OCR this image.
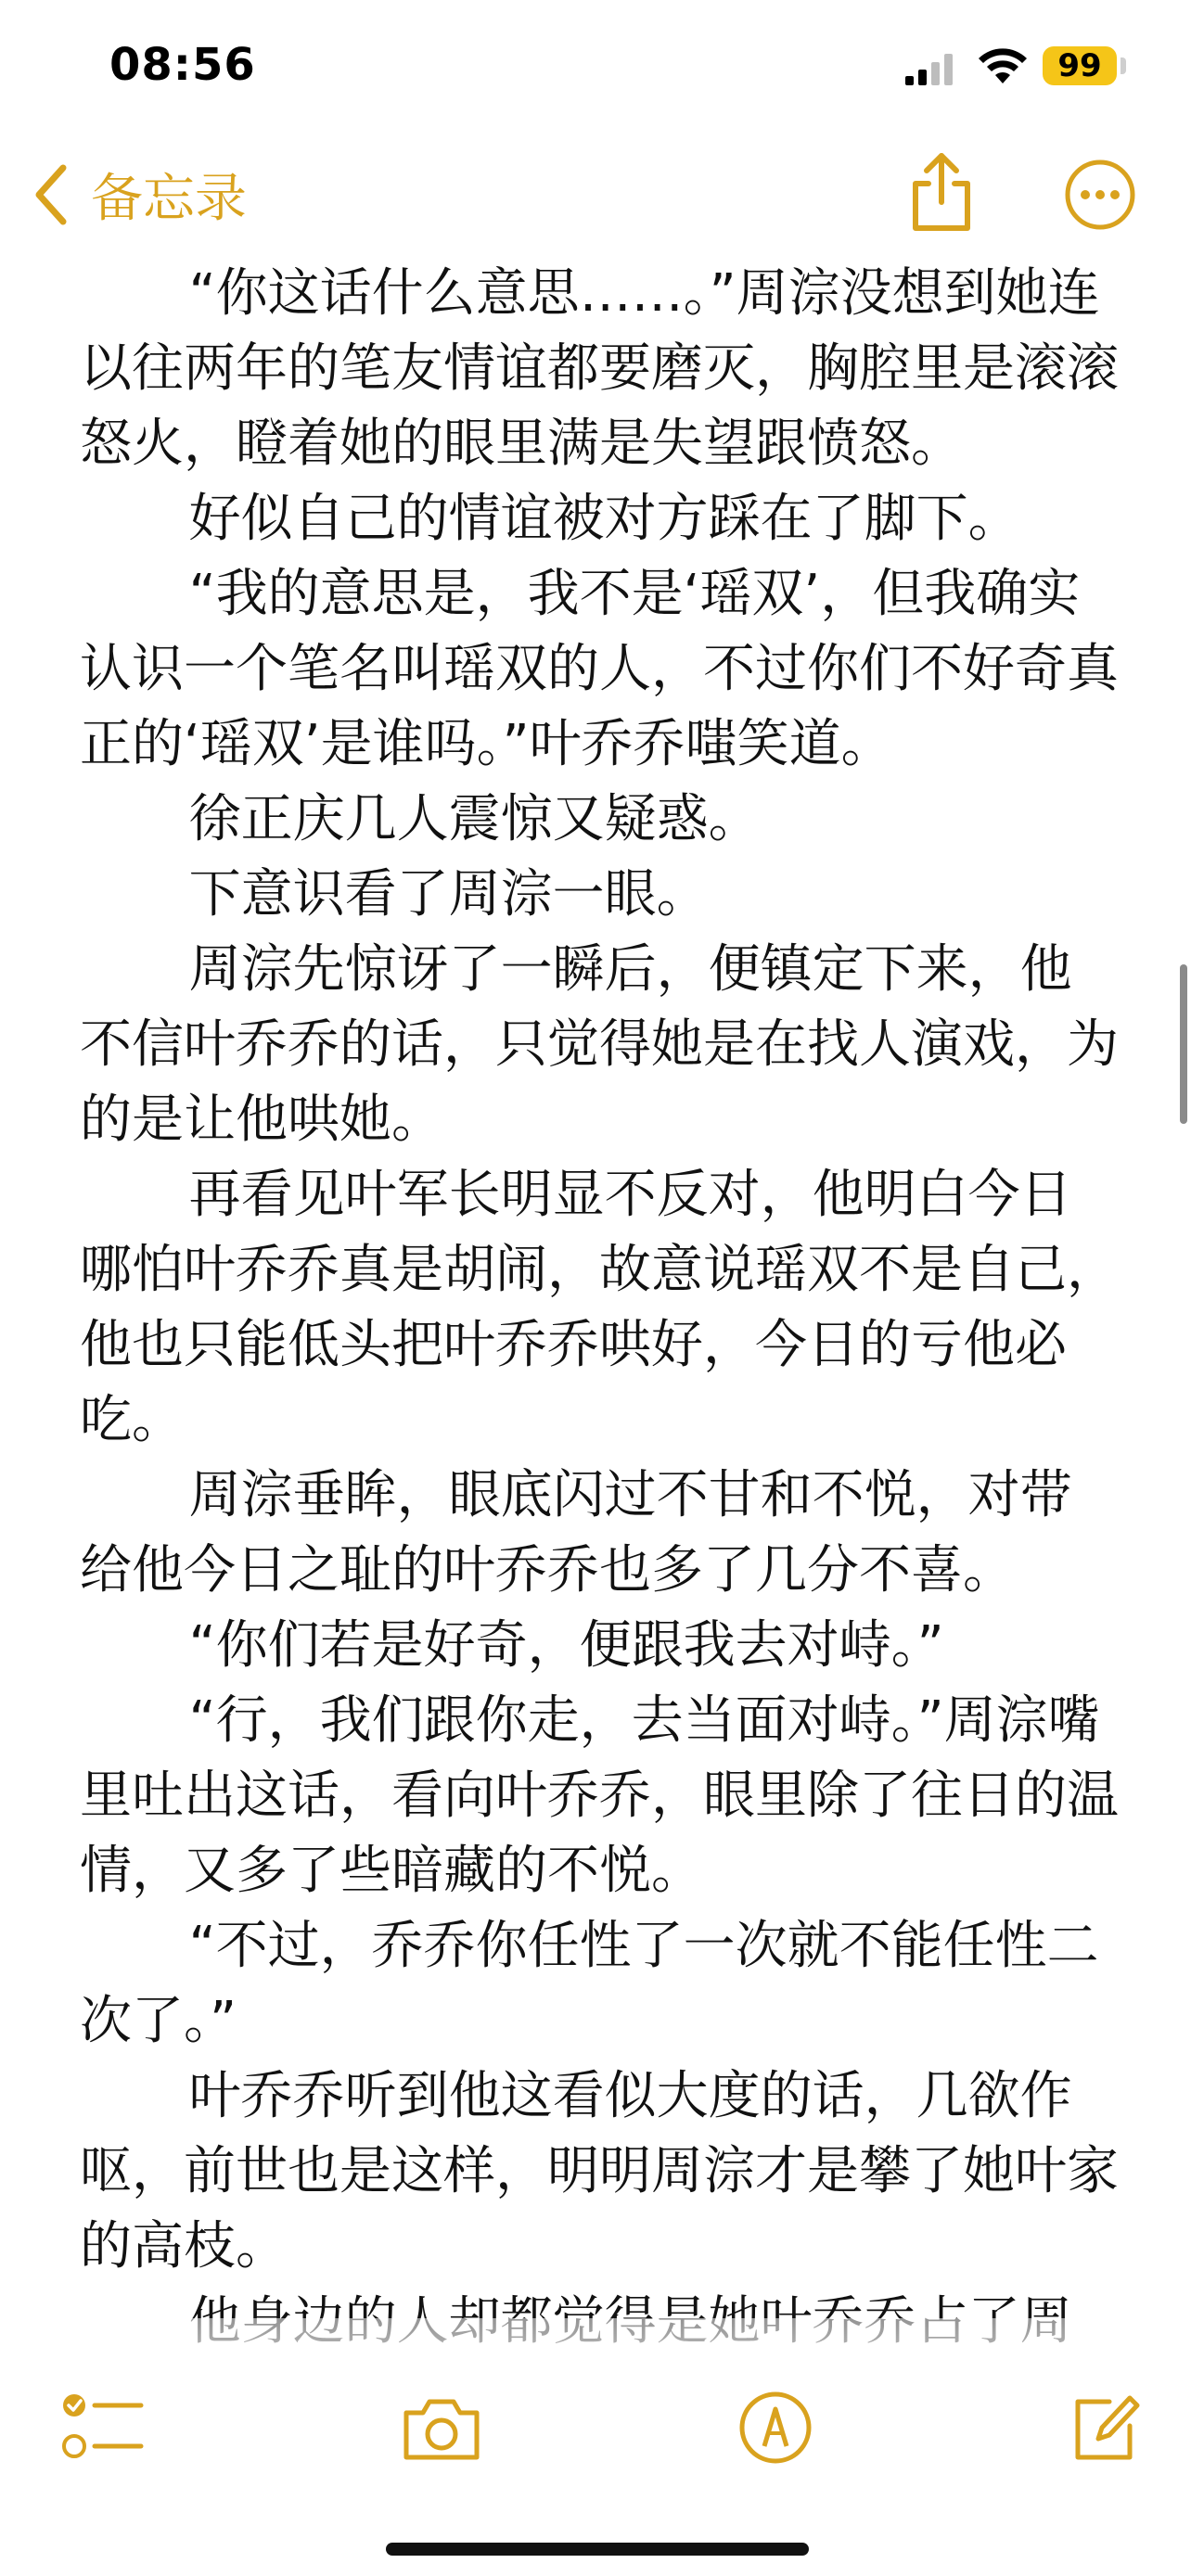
08:56	99
备忘录

“你这话什么意思……。”周淙没想到她连以往两年的笔友情谊都要磨灭，胸腔里是滚滚怒火，瞪着她的眼里满是失望跟愤怒。

好似自己的情谊被对方踩在了脚下。

“我的意思是，我不是‘瑶双’，但我确实认识一个笔名叫瑶双的人，不过你们不好奇真正的‘瑶双’是谁吗。”叶乔乔嗤笑道。

徐正庆几人震惊又疑惑。

下意识看了周淙一眼。

周淙先惊讶了一瞬后，便镇定下来，他不信叶乔乔的话，只觉得她是在找人演戏，为的是让他哄她。

再看见叶军长明显不反对，他明白今日哪怕叶乔乔真是胡闹，故意说瑶双不是自己，他也只能低头把叶乔乔哄好，今日的亏他必吃。

周淙垂眸，眼底闪过不甘和不悦，对带给他今日之耻的叶乔乔也多了几分不喜。

“你们若是好奇，便跟我去对峙。”

“行，我们跟你走，去当面对峙。”周淙嘴里吐出这话，看向叶乔乔，眼里除了往日的温情，又多了些暗藏的不悦。

“不过，乔乔你任性了一次就不能任性二次了。”

叶乔乔听到他这看似大度的话，几欲作呕，前世也是这样，明明周淙才是攀了她叶家的高枝。
